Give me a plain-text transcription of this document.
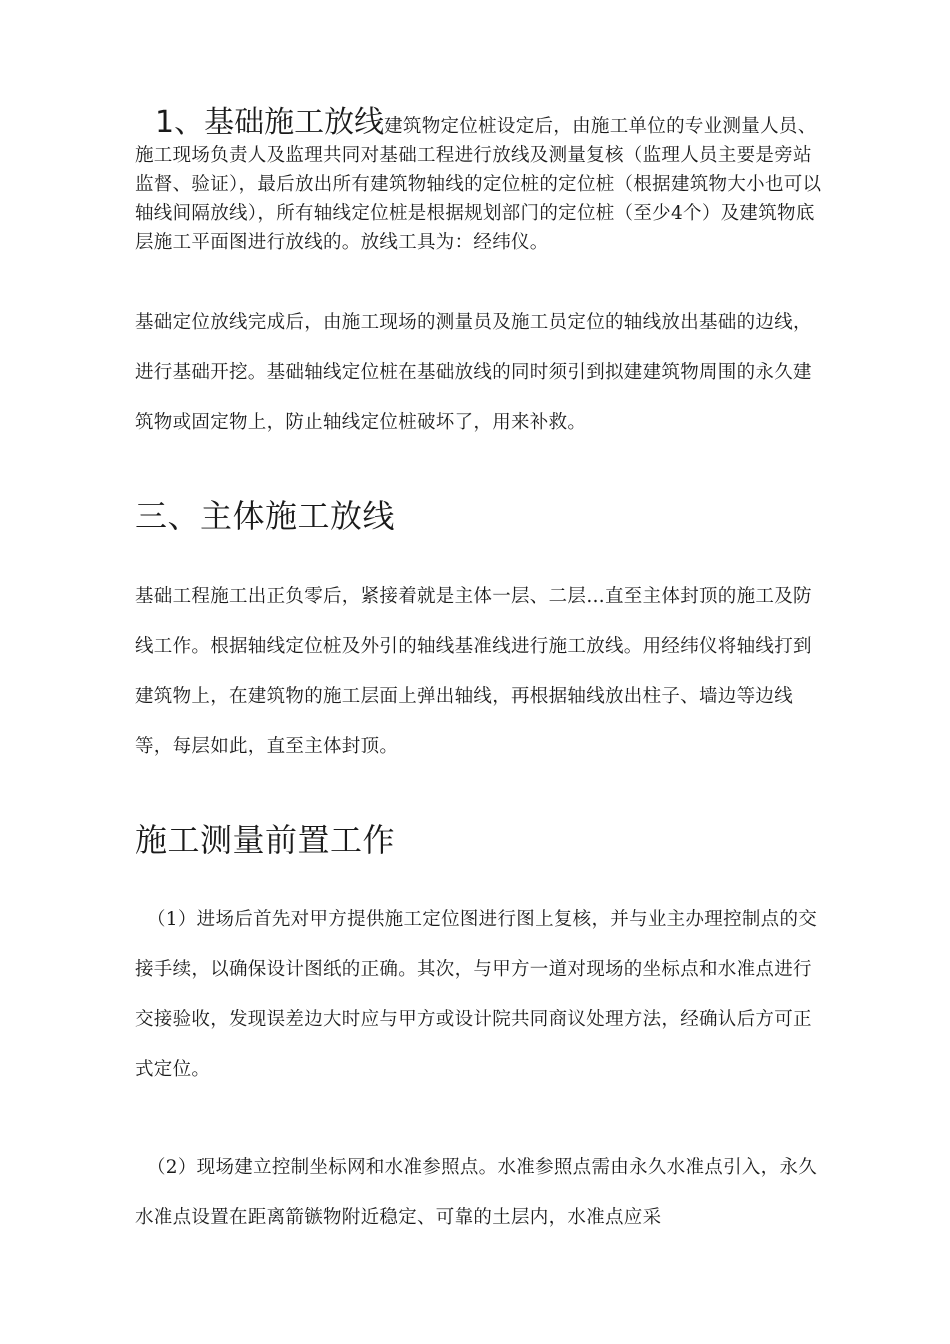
1、基础施工放线建筑物定位桩设定后，由施工单位的专业测量人员、施工现场负责人及监理共同对基础工程进行放线及测量复核（监理人员主要是旁站监督、验证），最后放出所有建筑物轴线的定位桩的定位桩（根据建筑物大小也可以轴线间隔放线），所有轴线定位桩是根据规划部门的定位桩（至少4个）及建筑物底层施工平面图进行放线的。放线工具为：经纬仪。
基础定位放线完成后，由施工现场的测量员及施工员定位的轴线放出基础的边线，进行基础开挖。基础轴线定位桩在基础放线的同时须引到拟建建筑物周围的永久建筑物或固定物上，防止轴线定位桩破坏了，用来补救。
三、主体施工放线
基础工程施工出正负零后，紧接着就是主体一层、二层…直至主体封顶的施工及防线工作。根据轴线定位桩及外引的轴线基准线进行施工放线。用经纬仪将轴线打到建筑物上，在建筑物的施工层面上弹出轴线，再根据轴线放出柱子、墙边等边线等，每层如此，直至主体封顶。
施工测量前置工作
（1）进场后首先对甲方提供施工定位图进行图上复核，并与业主办理控制点的交接手续，以确保设计图纸的正确。其次，与甲方一道对现场的坐标点和水准点进行交接验收，发现误差边大时应与甲方或设计院共同商议处理方法，经确认后方可正式定位。
（2）现场建立控制坐标网和水准参照点。水准参照点需由永久水准点引入，永久水准点设置在距离箭镞物附近稳定、可靠的土层内，水准点应采
